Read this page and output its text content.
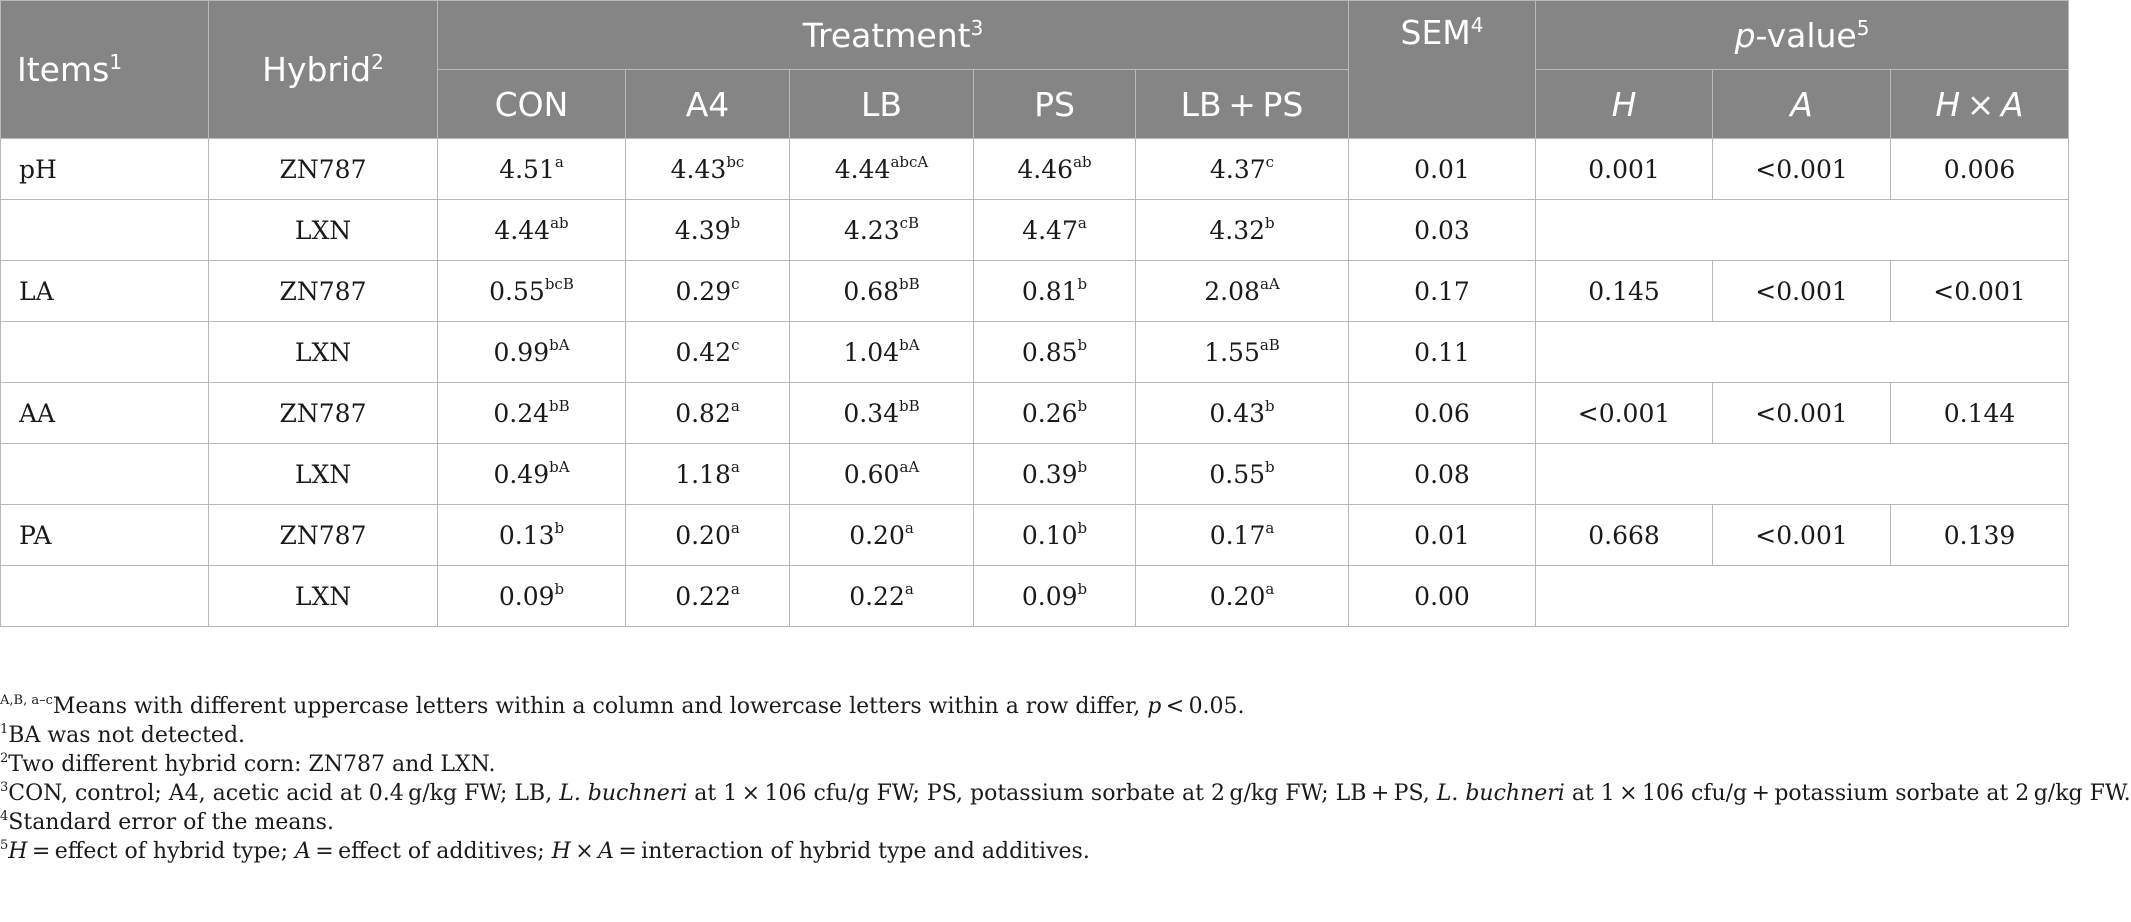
Items$^1$	Hybrid$^2$	Treatment$^3$					SEM$^4$	p-value$^5$
		CON	A4	LB	PS	LB + PS		H	A	H × A
pH	ZN787	4.51$^a$	4.43$^{bc}$	$4.44^{abcA}$	4.46$^{ab}$	4.37$^c$	0.01	0.001	<0.001	0.006
	LXN	4.44$^{ab}$	4.39$^b$	$4.23^{cB}$	4.47$^a$	4.32$^b$	0.03			
LA	ZN787	$0.55^{bcB}$	0.29$^c$	$0.68^{bB}$	0.81$^b$	$2.08^{aA}$	0.17	0.145	<0.001	<0.001
	LXN	$0.99^{bA}$	0.42$^c$	$1.04^{bA}$	0.85$^b$	$1.55^{aB}$	0.11			
AA	ZN787	$0.24^{bB}$	0.82$^a$	$0.34^{bB}$	0.26$^b$	0.43$^b$	0.06	<0.001	<0.001	0.144
	LXN	$0.49^{bA}$	1.18$^a$	$0.60^{aA}$	0.39$^b$	0.55$^b$	0.08			
PA	ZN787	0.13$^b$	0.20$^a$	0.20$^a$	0.10$^b$	0.17$^a$	0.01	0.668	<0.001	0.139
	LXN	0.09$^b$	0.22$^a$	0.22$^a$	0.09$^b$	0.20$^a$	0.00			
$^{A,B, a-c}$Means with different uppercase letters within a column and lowercase letters within a row differ, p < 0.05.
$^1$BA was not detected.
$^2$Two different hybrid corn: ZN787 and LXN.
$^3$CON, control; A4, acetic acid at 0.4 g/kg FW; LB, L. buchneri at 1 × 106 cfu/g FW; PS, potassium sorbate at 2 g/kg FW; LB + PS, L. buchneri at 1 × 106 cfu/g + potassium sorbate at 2 g/kg FW.
$^4$Standard error of the means.
$^5$H = effect of hybrid type; A = effect of additives; H × A = interaction of hybrid type and additives.
